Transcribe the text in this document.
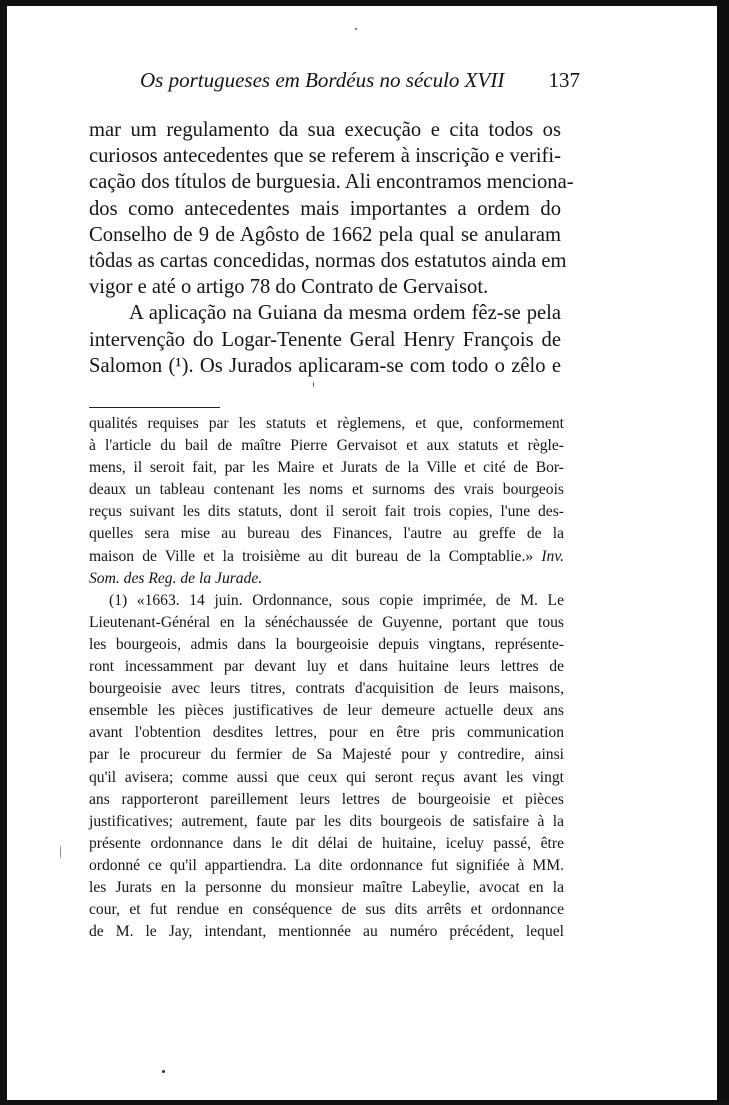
Os portugueses em Bordéus no século XVII 137
mar um regulamento da sua execução e cita todos os
curiosos antecedentes que se referem à inscrição e verifi-
cação dos títulos de burguesia. Ali encontramos menciona-
dos como antecedentes mais importantes a ordem do
Conselho de 9 de Agôsto de 1662 pela qual se anularam
tôdas as cartas concedidas, normas dos estatutos ainda em
vigor e até o artigo 78 do Contrato de Gervaisot.
A aplicação na Guiana da mesma ordem fêz-se pela
intervenção do Logar-Tenente Geral Henry François de
Salomon (¹). Os Jurados aplicaram-se com todo o zêlo e
qualités requises par les statuts et règlemens, et que, conformement
à l'article du bail de maître Pierre Gervaisot et aux statuts et règle-
mens, il seroit fait, par les Maire et Jurats de la Ville et cité de Bor-
deaux un tableau contenant les noms et surnoms des vrais bourgeois
reçus suivant les dits statuts, dont il seroit fait trois copies, l'une des-
quelles sera mise au bureau des Finances, l'autre au greffe de la
maison de Ville et la troisième au dit bureau de la Comptablie.» Inv.
Som. des Reg. de la Jurade.
(1) «1663. 14 juin. Ordonnance, sous copie imprimée, de M. Le
Lieutenant-Général en la sénéchaussée de Guyenne, portant que tous
les bourgeois, admis dans la bourgeoisie depuis vingtans, représente-
ront incessamment par devant luy et dans huitaine leurs lettres de
bourgeoisie avec leurs titres, contrats d'acquisition de leurs maisons,
ensemble les pièces justificatives de leur demeure actuelle deux ans
avant l'obtention desdites lettres, pour en être pris communication
par le procureur du fermier de Sa Majesté pour y contredire, ainsi
qu'il avisera; comme aussi que ceux qui seront reçus avant les vingt
ans rapporteront pareillement leurs lettres de bourgeoisie et pièces
justificatives; autrement, faute par les dits bourgeois de satisfaire à la
présente ordonnance dans le dit délai de huitaine, iceluy passé, être
ordonné ce qu'il appartiendra. La dite ordonnance fut signifiée à MM.
les Jurats en la personne du monsieur maître Labeylie, avocat en la
cour, et fut rendue en conséquence de sus dits arrêts et ordonnance
de M. le Jay, intendant, mentionnée au numéro précédent, lequel
